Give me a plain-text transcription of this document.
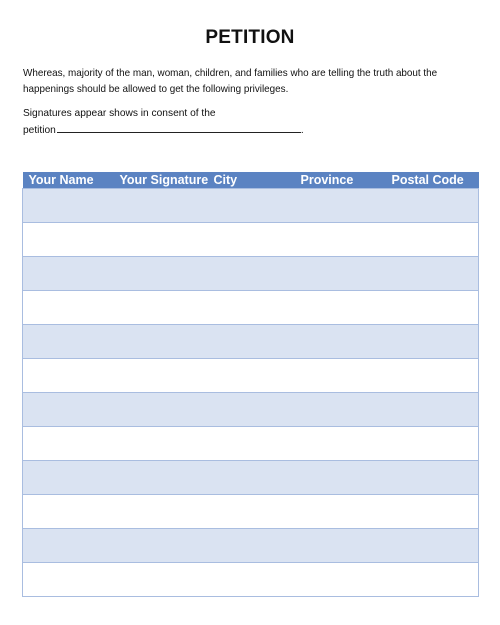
PETITION
Whereas, majority of the man, woman, children, and families who are telling the truth about the happenings should be allowed to get the following privileges.
Signatures appear shows in consent of the
petition	.
Your Name	Your Signature	City	Province	Postal Code
